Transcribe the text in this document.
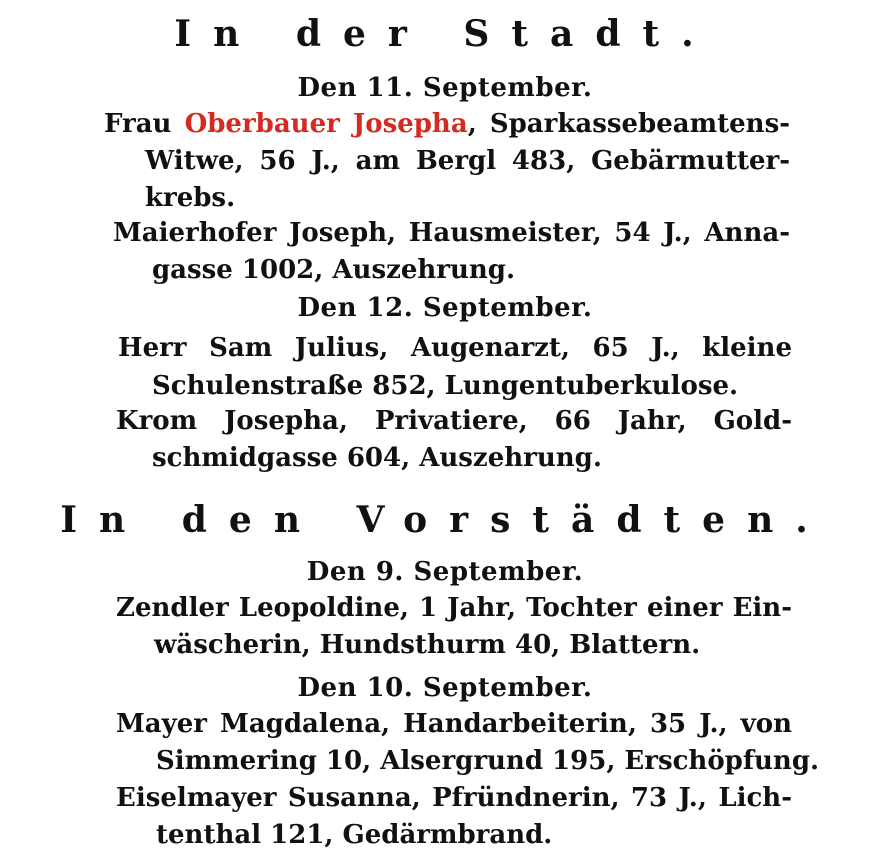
In der Stadt.
Den 11. September.
Frau Oberbauer Josepha, Sparkassebeamtens-
Witwe, 56 J., am Bergl 483, Gebärmutter-
krebs.
Maierhofer Joseph, Hausmeister, 54 J., Anna-
gasse 1002, Auszehrung.
Den 12. September.
Herr Sam Julius, Augenarzt, 65 J., kleine
Schulenstraße 852, Lungentuberkulose.
Krom Josepha, Privatiere, 66 Jahr, Gold-
schmidgasse 604, Auszehrung.
In den Vorstädten.
Den 9. September.
Zendler Leopoldine, 1 Jahr, Tochter einer Ein-
wäscherin, Hundsthurm 40, Blattern.
Den 10. September.
Mayer Magdalena, Handarbeiterin, 35 J., von
Simmering 10, Alsergrund 195, Erschöpfung.
Eiselmayer Susanna, Pfründnerin, 73 J., Lich-
tenthal 121, Gedärmbrand.
